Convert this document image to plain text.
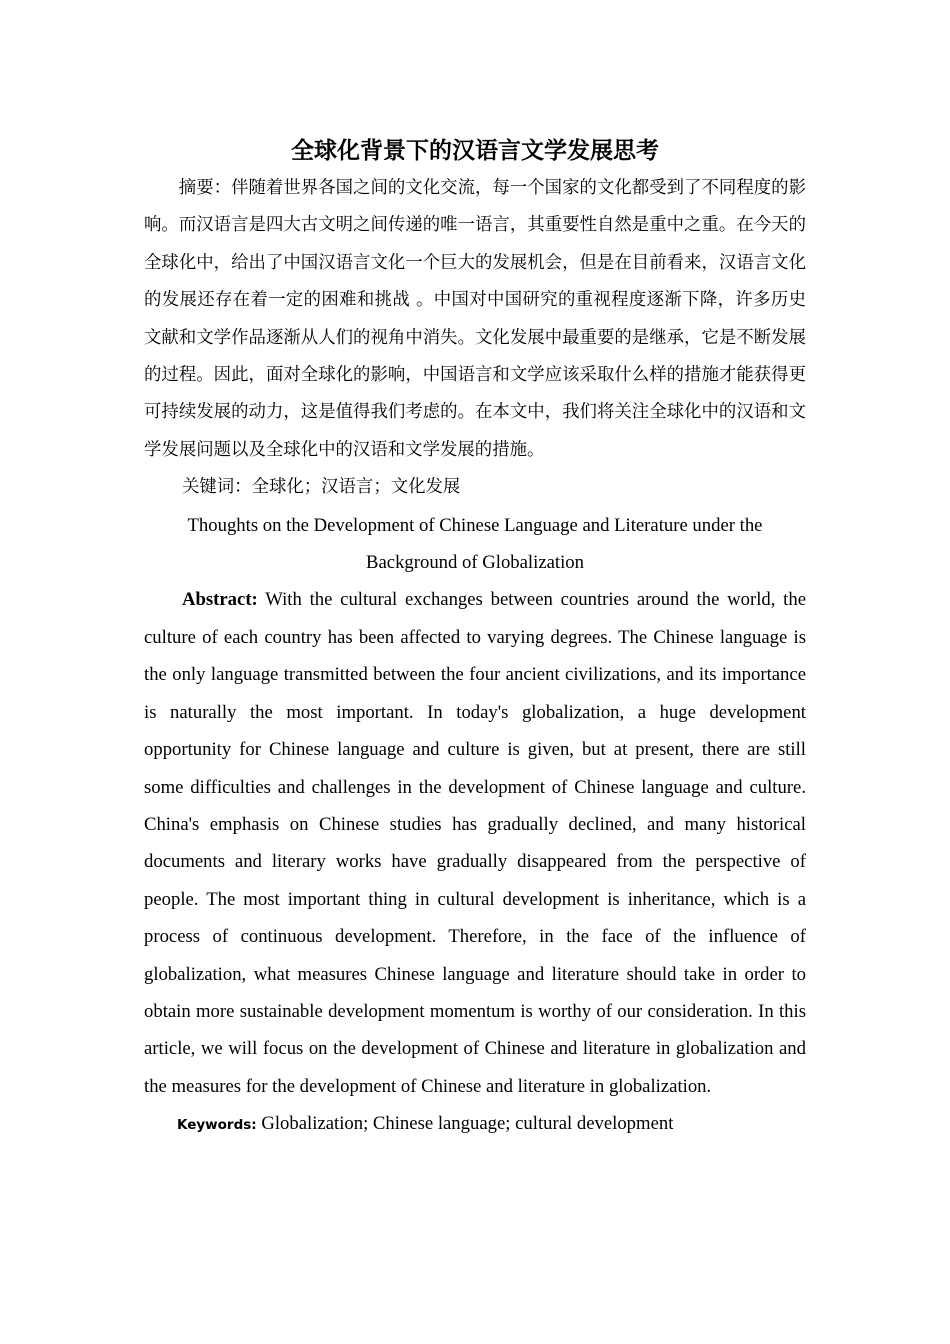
全球化背景下的汉语言文学发展思考

摘要：伴随着世界各国之间的文化交流，每一个国家的文化都受到了不同程度的影响。而汉语言是四大古文明之间传递的唯一语言，其重要性自然是重中之重。在今天的全球化中，给出了中国汉语言文化一个巨大的发展机会，但是在目前看来，汉语言文化的发展还存在着一定的困难和挑战 。中国对中国研究的重视程度逐渐下降，许多历史文献和文学作品逐渐从人们的视角中消失。文化发展中最重要的是继承，它是不断发展的过程。因此，面对全球化的影响，中国语言和文学应该采取什么样的措施才能获得更可持续发展的动力，这是值得我们考虑的。在本文中，我们将关注全球化中的汉语和文学发展问题以及全球化中的汉语和文学发展的措施。

关键词：全球化；汉语言；文化发展

Thoughts on the Development of Chinese Language and Literature under the
Background of Globalization

Abstract: With the cultural exchanges between countries around the world, the culture of each country has been affected to varying degrees. The Chinese language is the only language transmitted between the four ancient civilizations, and its importance is naturally the most important. In today's globalization, a huge development opportunity for Chinese language and culture is given, but at present, there are still some difficulties and challenges in the development of Chinese language and culture. China's emphasis on Chinese studies has gradually declined, and many historical documents and literary works have gradually disappeared from the perspective of people. The most important thing in cultural development is inheritance, which is a process of continuous development. Therefore, in the face of the influence of globalization, what measures Chinese language and literature should take in order to obtain more sustainable development momentum is worthy of our consideration. In this article, we will focus on the development of Chinese and literature in globalization and the measures for the development of Chinese and literature in globalization.

Keywords: Globalization; Chinese language; cultural development
